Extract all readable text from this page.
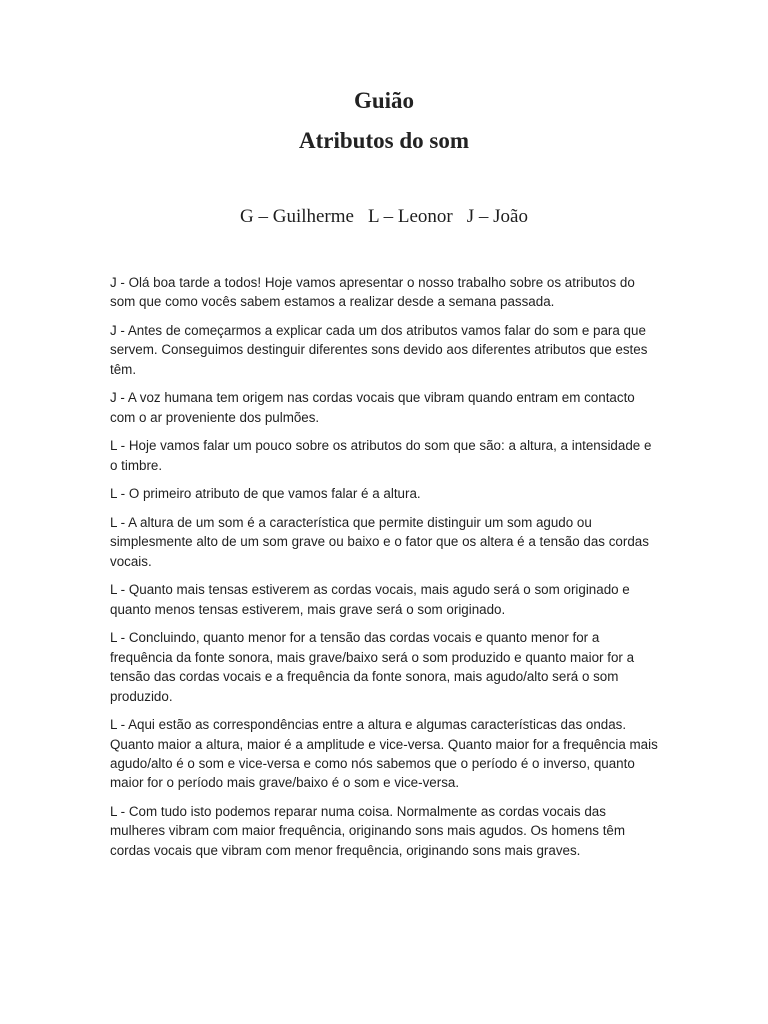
Guião
Atributos do som
G – Guilherme L – Leonor J – João

J - Olá boa tarde a todos! Hoje vamos apresentar o nosso trabalho sobre os atributos do som que como vocês sabem estamos a realizar desde a semana passada.

J - Antes de começarmos a explicar cada um dos atributos vamos falar do som e para que servem. Conseguimos destinguir diferentes sons devido aos diferentes atributos que estes têm.

J - A voz humana tem origem nas cordas vocais que vibram quando entram em contacto com o ar proveniente dos pulmões.

L - Hoje vamos falar um pouco sobre os atributos do som que são: a altura, a intensidade e o timbre.

L - O primeiro atributo de que vamos falar é a altura.

L - A altura de um som é a característica que permite distinguir um som agudo ou simplesmente alto de um som grave ou baixo e o fator que os altera é a tensão das cordas vocais.

L - Quanto mais tensas estiverem as cordas vocais, mais agudo será o som originado e quanto menos tensas estiverem, mais grave será o som originado.

L - Concluindo, quanto menor for a tensão das cordas vocais e quanto menor for a frequência da fonte sonora, mais grave/baixo será o som produzido e quanto maior for a tensão das cordas vocais e a frequência da fonte sonora, mais agudo/alto será o som produzido.

L - Aqui estão as correspondências entre a altura e algumas características das ondas. Quanto maior a altura, maior é a amplitude e vice-versa. Quanto maior for a frequência mais agudo/alto é o som e vice-versa e como nós sabemos que o período é o inverso, quanto maior for o período mais grave/baixo é o som e vice-versa.

L - Com tudo isto podemos reparar numa coisa. Normalmente as cordas vocais das mulheres vibram com maior frequência, originando sons mais agudos. Os homens têm cordas vocais que vibram com menor frequência, originando sons mais graves.
